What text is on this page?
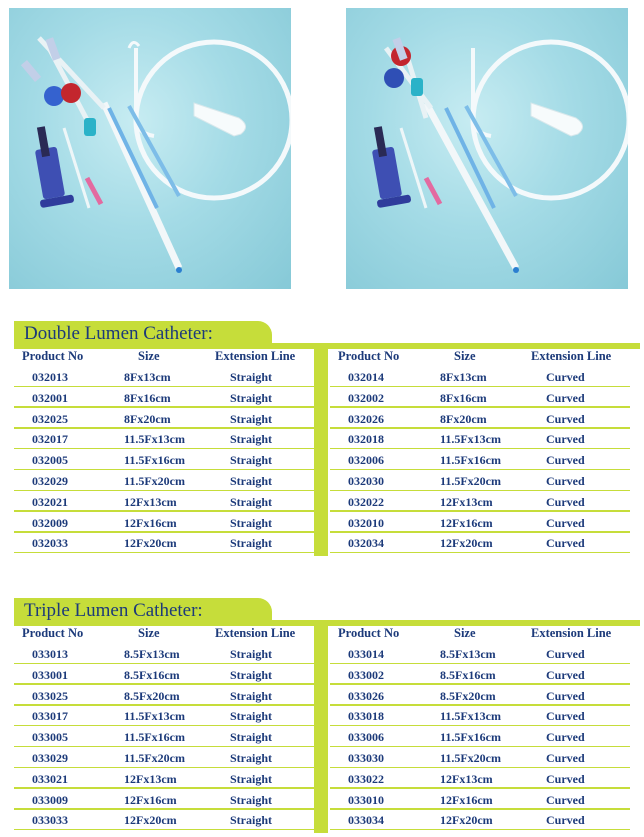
Double Lumen Catheter:
Product No	Size	Extension Line
032013	8Fx13cm	Straight
032001	8Fx16cm	Straight
032025	8Fx20cm	Straight
032017	11.5Fx13cm	Straight
032005	11.5Fx16cm	Straight
032029	11.5Fx20cm	Straight
032021	12Fx13cm	Straight
032009	12Fx16cm	Straight
032033	12Fx20cm	Straight
Product No	Size	Extension Line
032014	8Fx13cm	Curved
032002	8Fx16cm	Curved
032026	8Fx20cm	Curved
032018	11.5Fx13cm	Curved
032006	11.5Fx16cm	Curved
032030	11.5Fx20cm	Curved
032022	12Fx13cm	Curved
032010	12Fx16cm	Curved
032034	12Fx20cm	Curved
Triple Lumen Catheter:
Product No	Size	Extension Line
033013	8.5Fx13cm	Straight
033001	8.5Fx16cm	Straight
033025	8.5Fx20cm	Straight
033017	11.5Fx13cm	Straight
033005	11.5Fx16cm	Straight
033029	11.5Fx20cm	Straight
033021	12Fx13cm	Straight
033009	12Fx16cm	Straight
033033	12Fx20cm	Straight
Product No	Size	Extension Line
033014	8.5Fx13cm	Curved
033002	8.5Fx16cm	Curved
033026	8.5Fx20cm	Curved
033018	11.5Fx13cm	Curved
033006	11.5Fx16cm	Curved
033030	11.5Fx20cm	Curved
033022	12Fx13cm	Curved
033010	12Fx16cm	Curved
033034	12Fx20cm	Curved
